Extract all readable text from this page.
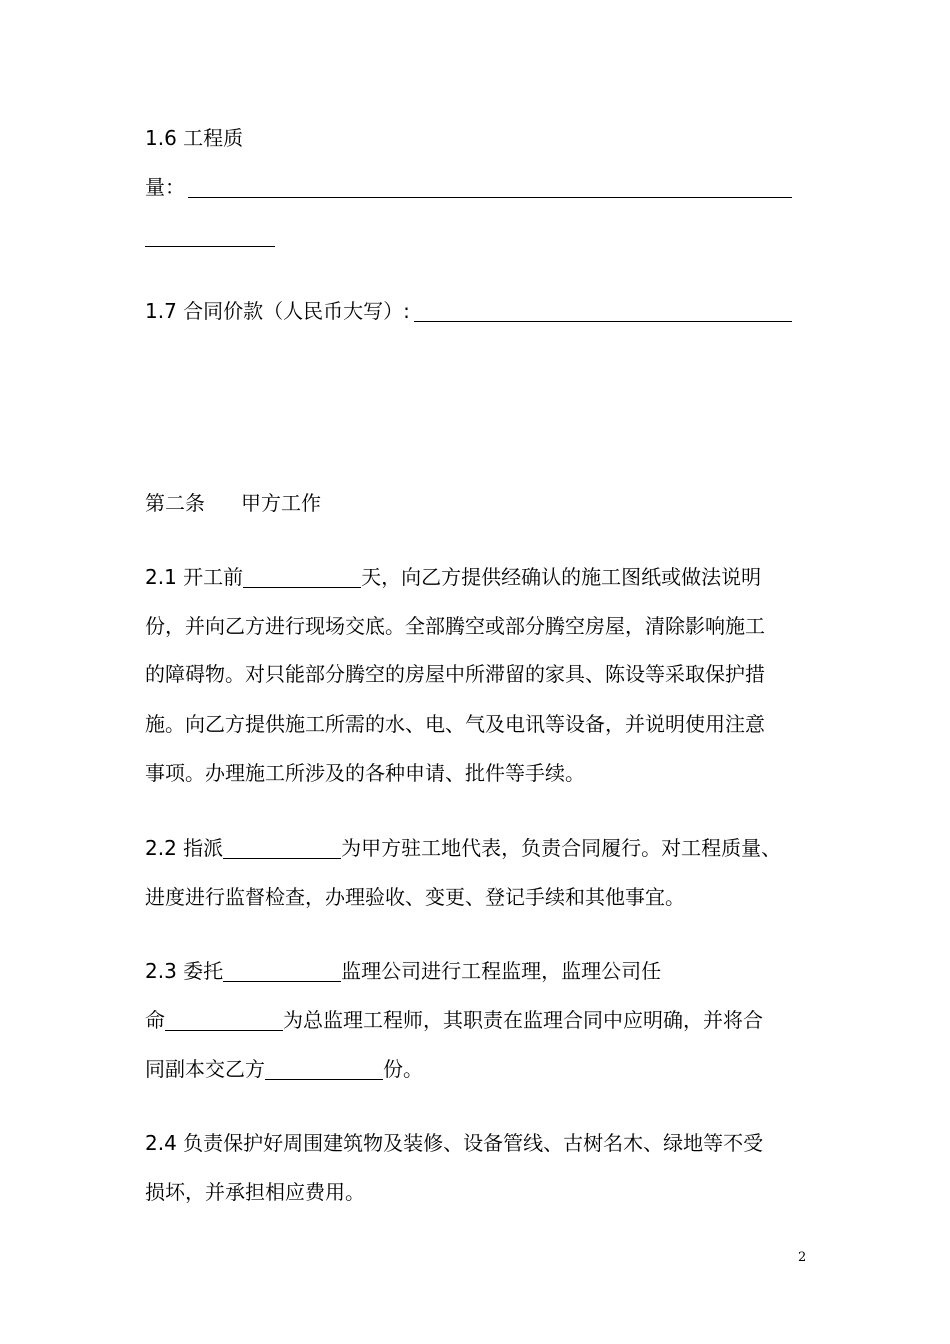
1.6 工程质
量：
1.7 合同价款（人民币大写）:
第二条 甲方工作
2.1 开工前	天，向乙方提供经确认的施工图纸或做法说明
份，并向乙方进行现场交底。全部腾空或部分腾空房屋，清除影响施工
的障碍物。对只能部分腾空的房屋中所滞留的家具、陈设等采取保护措
施。向乙方提供施工所需的水、电、气及电讯等设备，并说明使用注意
事项。办理施工所涉及的各种申请、批件等手续。
2.2 指派	为甲方驻工地代表，负责合同履行。对工程质量、
进度进行监督检查，办理验收、变更、登记手续和其他事宜。
2.3 委托	监理公司进行工程监理，监理公司任
命	为总监理工程师，其职责在监理合同中应明确，并将合
同副本交乙方	份。
2.4 负责保护好周围建筑物及装修、设备管线、古树名木、绿地等不受
损坏，并承担相应费用。
2
